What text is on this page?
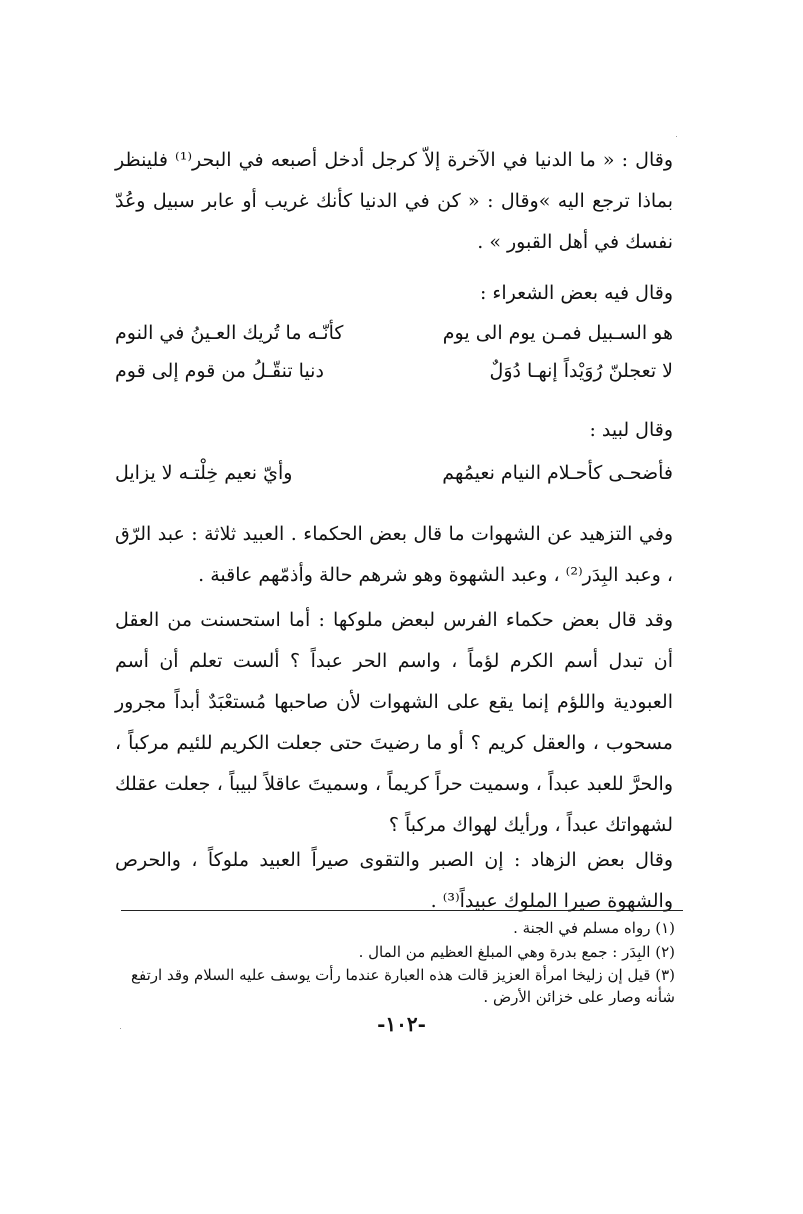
وقال : « ما الدنيا في الآخرة إلاّ كرجل أدخل أصبعه في البحر⁽¹⁾ فلينظر بماذا ترجع اليه »وقال : « كن في الدنيا كأنك غريب أو عابر سبيل وعُدّ نفسك في أهل القبور » .

وقال فيه بعض الشعراء :

هو السـبيل فمـن يوم الى يوم
كأنّـه ما تُريك العـينُ في النوم
لا تعجلنّ رُوَيْداً إنهـا دُوَلٌ
دنيا تنقّـلُ من قوم إلى قوم

وقال لبيد :

فأضحـى كأحـلام النيام نعيمُهم
وأيّ نعيم خِلْتـه لا يزايل

وفي التزهيد عن الشهوات ما قال بعض الحكماء . العبيد ثلاثة : عبد الرّق ، وعبد البِدَر⁽²⁾ ، وعبد الشهوة وهو شرهم حالة وأذمّهم عاقبة .

وقد قال بعض حكماء الفرس لبعض ملوكها : أما استحسنت من العقل أن تبدل أسم الكرم لؤماً ، واسم الحر عبداً ؟ ألست تعلم أن أسم العبودية واللؤم إنما يقع على الشهوات لأن صاحبها مُستعْبَدٌ أبداً مجرور مسحوب ، والعقل كريم ؟ أو ما رضيتَ حتى جعلت الكريم للئيم مركباً ، والحرَّ للعبد عبداً ، وسميت حراً كريماً ، وسميتَ عاقلاً لبيباً ، جعلت عقلك لشهواتك عبداً ، ورأيك لهواك مركباً ؟

وقال بعض الزهاد : إن الصبر والتقوى صيراً العبيد ملوكاً ، والحرص والشهوة صيرا الملوك عبيداً⁽³⁾ .

(١) رواه مسلم في الجنة .

(٢) البِدَر : جمع بدرة وهي المبلغ العظيم من المال .

(٣) قيل إن زليخا امرأة العزيز قالت هذه العبارة عندما رأت يوسف عليه السلام وقد ارتفع شأنه وصار على خزائن الأرض .

-١٠٢-
